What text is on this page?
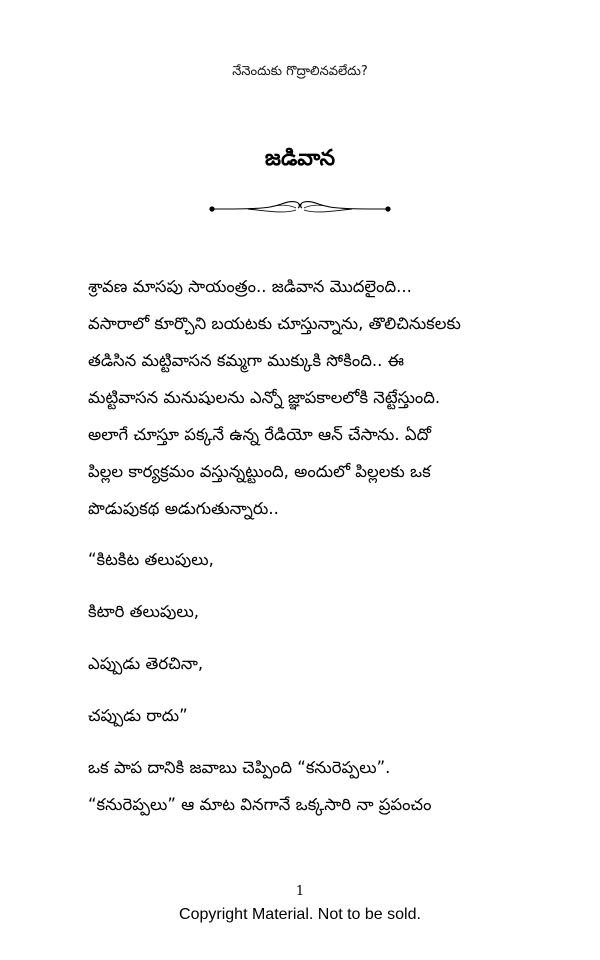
నేనెందుకు గొద్రాలినవలేదు?
జడివాన

శ్రావణ మాసపు సాయంత్రం.. జడివాన మొదలైంది...
వసారాలో కూర్చొని బయటకు చూస్తున్నాను, తొలిచినుకలకు
తడిసిన మట్టివాసన కమ్మగా ముక్కుకి సోకింది.. ఈ
మట్టివాసన మనుషులను ఎన్నో జ్ఞాపకాలలోకి నెట్టేస్తుంది.
అలాగే చూస్తూ పక్కనే ఉన్న రేడియో ఆన్ చేసాను. ఏదో
పిల్లల కార్యక్రమం వస్తున్నట్టుంది, అందులో పిల్లలకు ఒక
పొడుపుకథ అడుగుతున్నారు..

“కిటకిట తలుపులు,

కిటారి తలుపులు,

ఎప్పుడు తెరచినా,

చప్పుడు రాదు”

ఒక పాప దానికి జవాబు చెప్పింది “కనురెప్పలు”.
“కనురెప్పలు” ఆ మాట వినగానే ఒక్కసారి నా ప్రపంచం

1
Copyright Material. Not to be sold.
